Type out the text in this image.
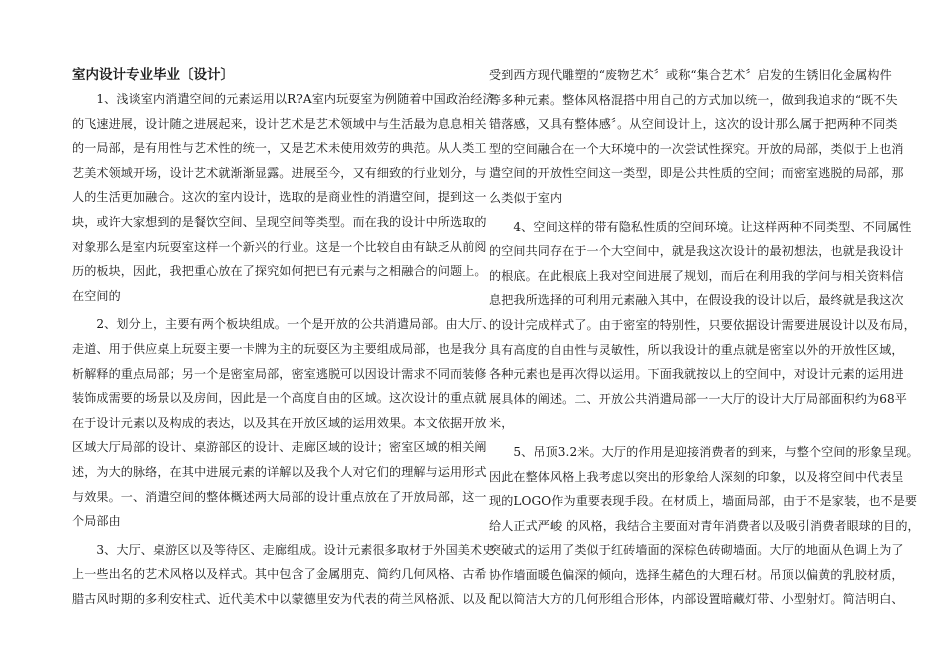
室内设计专业毕业〔设计〕
　　1、浅谈室内消遣空间的元素运用以R?A室内玩耍室为例随着中国政治经济
的飞速进展，设计随之进展起来，设计艺术是艺术领域中与生活最为息息相关
的一局部，是有用性与艺术性的统一，又是艺术未使用效劳的典范。从人类工
艺美术领域开场，设计艺术就渐渐显露。进展至今，又有细致的行业划分，与
人的生活更加融合。这次的室内设计，选取的是商业性的消遣空间，提到这一
块，或许大家想到的是餐饮空间、呈现空间等类型。而在我的设计中所选取的
对象那么是室内玩耍室这样一个新兴的行业。这是一个比较自由有缺乏从前阅
历的板块，因此，我把重心放在了探究如何把已有元素与之相融合的问题上。
在空间的
　　2、划分上，主要有两个板块组成。一个是开放的公共消遣局部。由大厅、
走道、用于供应桌上玩耍主要一卡牌为主的玩耍区为主要组成局部，也是我分
析解释的重点局部；另一个是密室局部，密室逃脱可以因设计需求不同而装修
装饰成需要的场景以及房间，因此是一个高度自由的区域。这次设计的重点就
在于设计元素以及构成的表达，以及其在开放区域的运用效果。本文依据开放
区域大厅局部的设计、桌游部区的设计、走廊区域的设计；密室区域的相关阐
述，为大的脉络，在其中进展元素的详解以及我个人对它们的理解与运用形式
与效果。一、消遣空间的整体概述两大局部的设计重点放在了开放局部，这一
个局部由
　　3、大厅、桌游区以及等待区、走廊组成。设计元素很多取材于外国美术史
上一些出名的艺术风格以及样式。其中包含了金属朋克、简约几何风格、古希
腊古风时期的多利安柱式、近代美术中以蒙德里安为代表的荷兰风格派、以及
受到西方现代雕塑的“废物艺术〞或称“集合艺术〞启发的生锈旧化金属构件
等多种元素。整体风格混搭中用自己的方式加以统一，做到我追求的“既不失
错落感，又具有整体感〞。从空间设计上，这次的设计那么属于把两种不同类
型的空间融合在一个大环境中的一次尝试性探究。开放的局部，类似于上也消
遣空间的开放性空间这一类型，即是公共性质的空间；而密室逃脱的局部，那
么类似于室内
　　4、空间这样的带有隐私性质的空间环境。让这样两种不同类型、不同属性
的空间共同存在于一个大空间中，就是我这次设计的最初想法，也就是我设计
的根底。在此根底上我对空间进展了规划，而后在利用我的学问与相关资料信
息把我所选择的可利用元素融入其中，在假设我的设计以后，最终就是我这次
的设计完成样式了。由于密室的特别性，只要依据设计需要进展设计以及布局，
具有高度的自由性与灵敏性，所以我设计的重点就是密室以外的开放性区域，
各种元素也是再次得以运用。下面我就按以上的空间中，对设计元素的运用进
展具体的阐述。二、开放公共消遣局部一一大厅的设计大厅局部面积约为68平
米，
　　5、吊顶3.2米。大厅的作用是迎接消费者的到来，与整个空间的形象呈现。
因此在整体风格上我考虑以突出的形象给人深刻的印象，以及将空间中代表呈
现的LOGO作为重要表现手段。在材质上，墙面局部，由于不是家装，也不是要
给人正式严峻 的风格，我结合主要面对青年消费者以及吸引消费者眼球的目的，
突破式的运用了类似于红砖墙面的深棕色砖砌墙面。大厅的地面从色调上为了
协作墙面暖色偏深的倾向，选择生赭色的大理石材。吊顶以偏黄的乳胶材质，
配以简洁大方的几何形组合形体，内部设置暗藏灯带、小型射灯。简洁明白、
